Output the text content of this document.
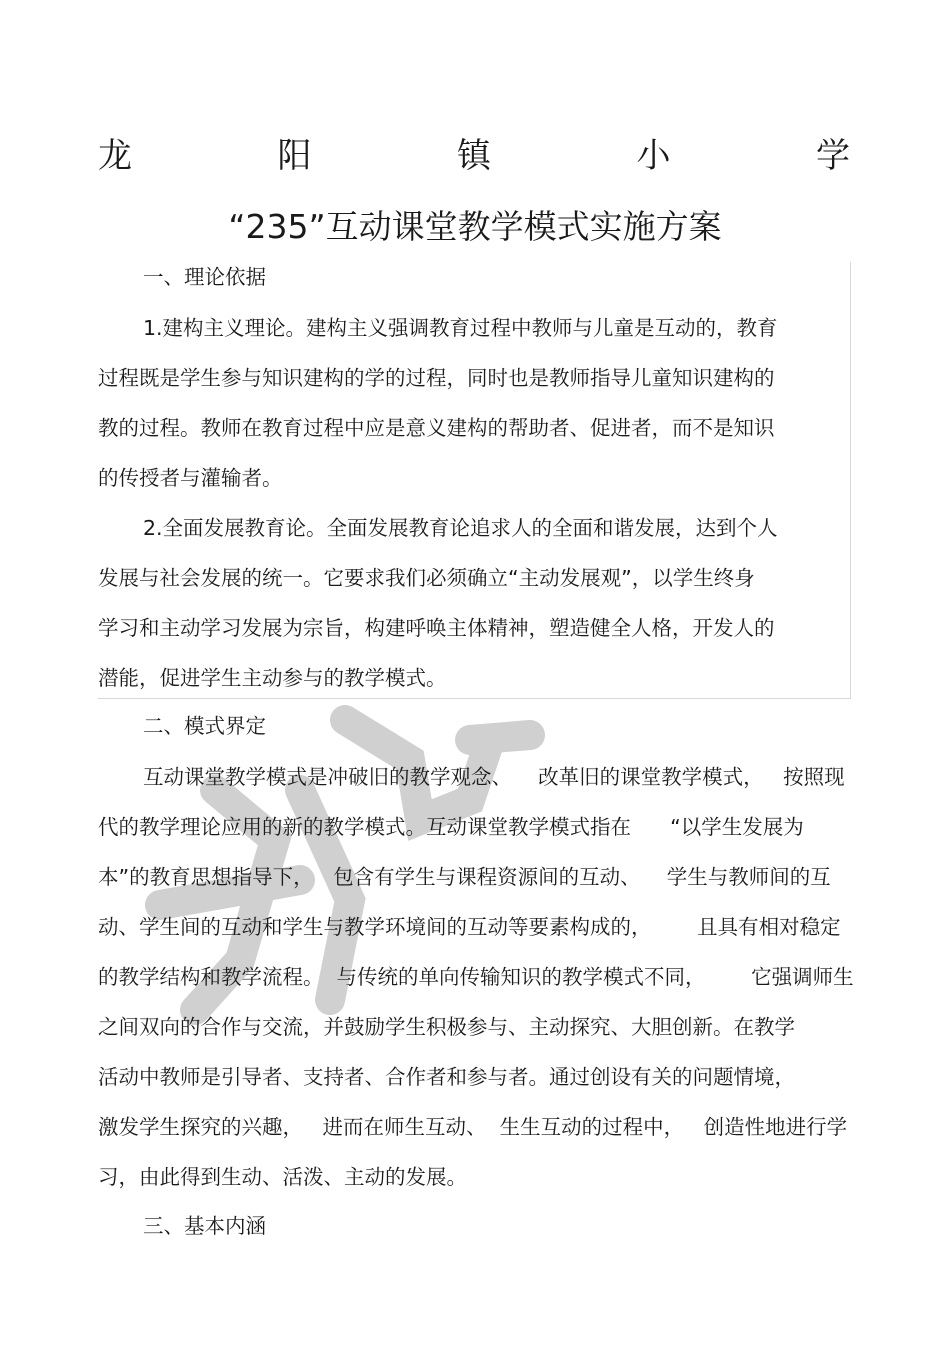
龙	阳	镇	小	学
“235”互动课堂教学模式实施方案
一、理论依据
1.建构主义理论。建构主义强调教育过程中教师与儿童是互动的，教育
过程既是学生参与知识建构的学的过程，同时也是教师指导儿童知识建构的
教的过程。教师在教育过程中应是意义建构的帮助者、促进者，而不是知识
的传授者与灌输者。
2.全面发展教育论。全面发展教育论追求人的全面和谐发展，达到个人
发展与社会发展的统一。它要求我们必须确立“主动发展观”，以学生终身
学习和主动学习发展为宗旨，构建呼唤主体精神，塑造健全人格，开发人的
潜能，促进学生主动参与的教学模式。
二、模式界定
互动课堂教学模式是冲破旧的教学观念、    改革旧的课堂教学模式，   按照现
代的教学理论应用的新的教学模式。互动课堂教学模式指在      “以学生发展为
本”的教育思想指导下，   包含有学生与课程资源间的互动、    学生与教师间的互
动、学生间的互动和学生与教学环境间的互动等要素构成的，       且具有相对稳定
的教学结构和教学流程。  与传统的单向传输知识的教学模式不同，       它强调师生
之间双向的合作与交流，并鼓励学生积极参与、主动探究、大胆创新。在教学
活动中教师是引导者、支持者、合作者和参与者。通过创设有关的问题情境，
激发学生探究的兴趣，   进而在师生互动、  生生互动的过程中，   创造性地进行学
习，由此得到生动、活泼、主动的发展。
三、基本内涵
